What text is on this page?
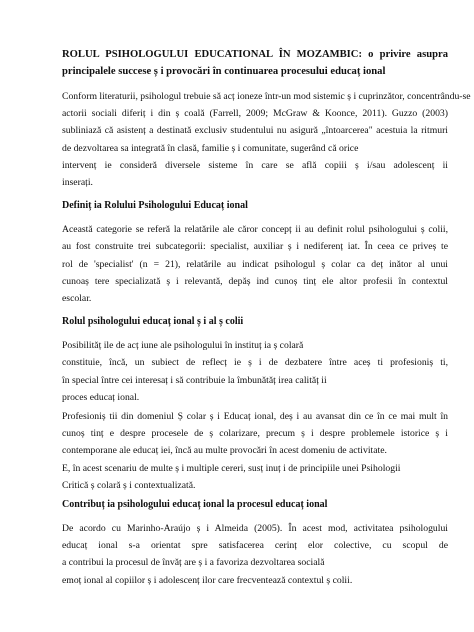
ROLUL PSIHOLOGULUI EDUCATIONAL ÎN MOZAMBIC: o privire asupra
principalele succese ș i provocări în continuarea procesului educaț ional
Conform literaturii, psihologul trebuie să acț ioneze într-un mod sistemic ș i cuprinzător, concentrându-se
actorii sociali diferiț i din ș coală (Farrell, 2009; McGraw & Koonce, 2011). Guzzo (2003)
subliniază că asistenț a destinată exclusiv studentului nu asigură „întoarcerea" acestuia la ritmuri
de dezvoltarea sa integrată în clasă, familie ș i comunitate, sugerând că orice
intervenț ie consideră diversele sisteme în care se află copiii ș i/sau adolescenț ii
inserați.
Definiț ia Rolului Psihologului Educaț ional
Această categorie se referă la relatările ale căror concepț ii au definit rolul psihologului ș colii,
au fost construite trei subcategorii: specialist, auxiliar ș i nediferenț iat. În ceea ce priveș te
rol de 'specialist' (n = 21), relatările au indicat psihologul ș colar ca deț inător al unui
cunoaș tere specializată ș i relevantă, depăș ind cunoș tinț ele altor profesii în contextul
escolar.
Rolul psihologului educaț ional ș i al ș colii
Posibilităț ile de acț iune ale psihologului în instituț ia ș colară
constituie, încă, un subiect de reflecț ie ș i de dezbatere între aceș ti profesioniș ti,
în special între cei interesaț i să contribuie la îmbunătăț irea calităț ii
proces educaț ional.
Profesioniș tii din domeniul Ș colar ș i Educaț ional, deș i au avansat din ce în ce mai mult în
cunoș tinț e despre procesele de ș colarizare, precum ș i despre problemele istorice ș i
contemporane ale educaț iei, încă au multe provocări în acest domeniu de activitate.
E, în acest scenariu de multe ș i multiple cereri, susț inuț i de principiile unei Psihologii
Critică ș colară ș i contextualizată.
Contribuț ia psihologului educaț ional la procesul educaț ional
De acordo cu Marinho-Araújo ș i Almeida (2005). În acest mod, activitatea psihologului
educaț ional s-a orientat spre satisfacerea cerinț elor colective, cu scopul de
a contribui la procesul de învăț are ș i a favoriza dezvoltarea socială
emoț ional al copiilor ș i adolescenț ilor care frecventează contextul ș colii.
